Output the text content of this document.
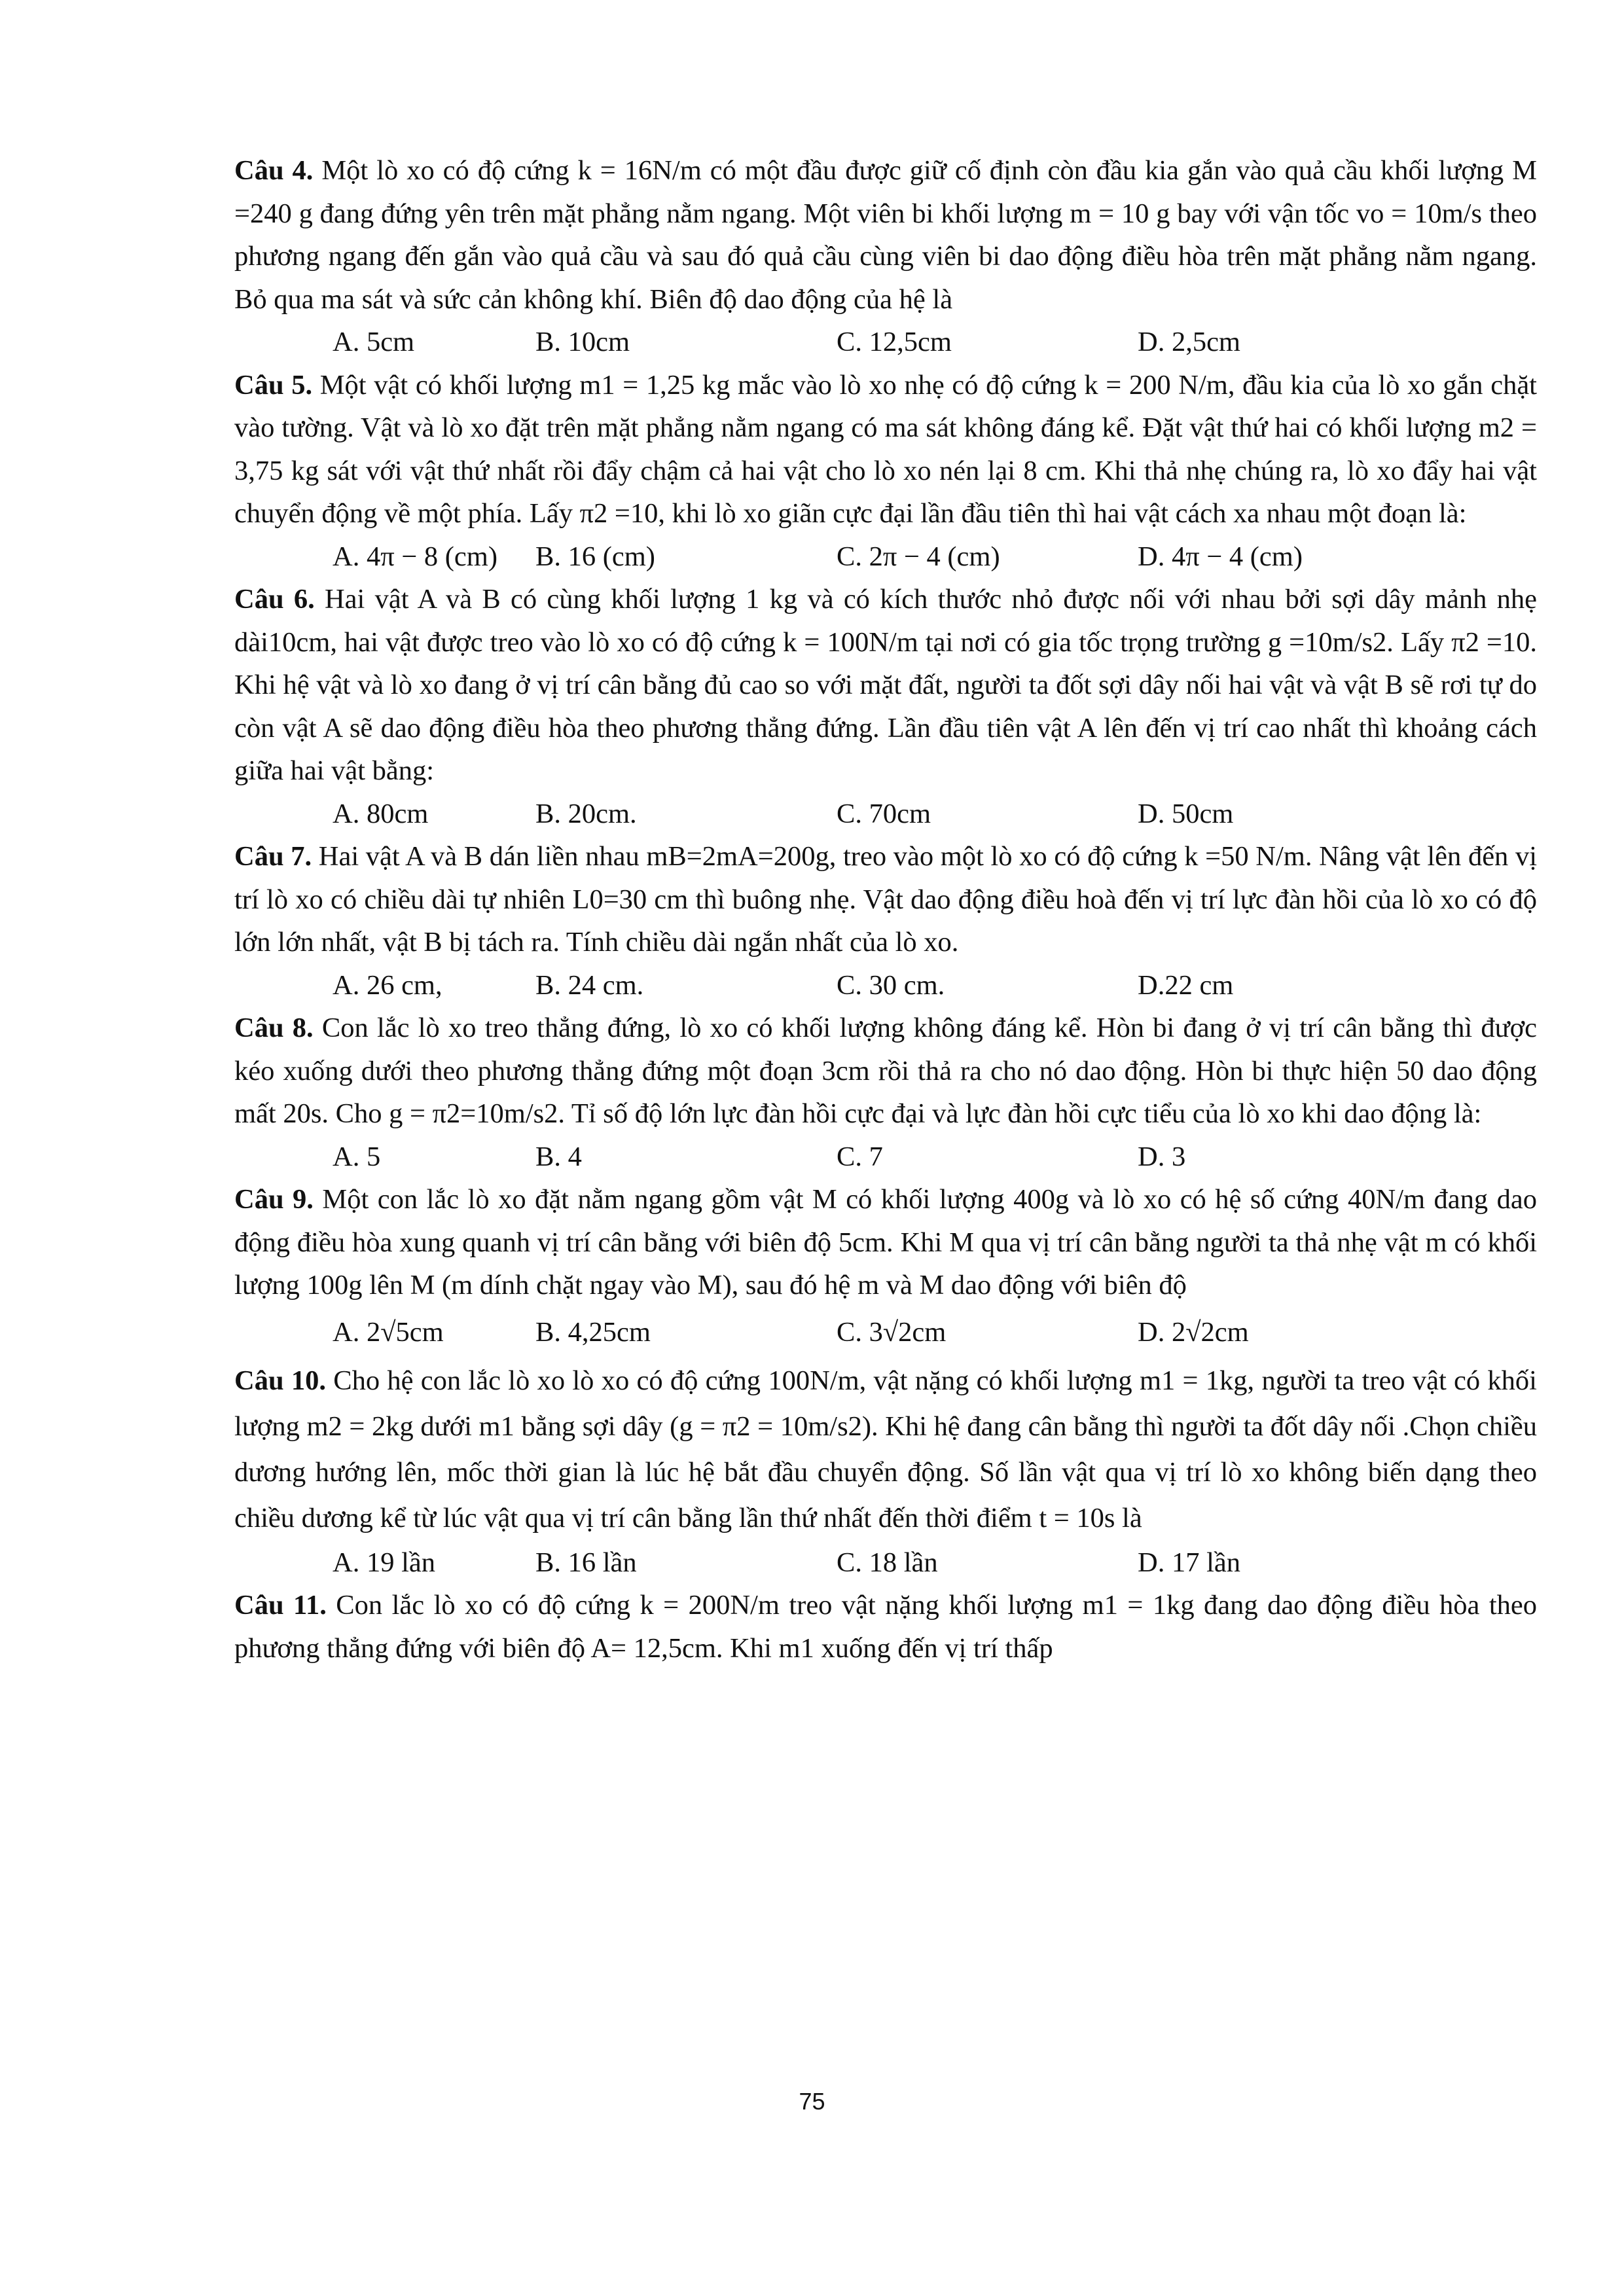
Câu 4. Một lò xo có độ cứng k = 16N/m có một đầu được giữ cố định còn đầu kia gắn vào quả cầu khối lượng M =240 g đang đứng yên trên mặt phẳng nằm ngang. Một viên bi khối lượng m = 10 g bay với vận tốc vo = 10m/s theo phương ngang đến gắn vào quả cầu và sau đó quả cầu cùng viên bi dao động điều hòa trên mặt phẳng nằm ngang. Bỏ qua ma sát và sức cản không khí. Biên độ dao động của hệ là

A. 5cm	B. 10cm	C. 12,5cm	D. 2,5cm

Câu 5. Một vật có khối lượng m1 = 1,25 kg mắc vào lò xo nhẹ có độ cứng k = 200 N/m, đầu kia của lò xo gắn chặt vào tường. Vật và lò xo đặt trên mặt phẳng nằm ngang có ma sát không đáng kể. Đặt vật thứ hai có khối lượng m2 = 3,75 kg sát với vật thứ nhất rồi đẩy chậm cả hai vật cho lò xo nén lại 8 cm. Khi thả nhẹ chúng ra, lò xo đẩy hai vật chuyển động về một phía. Lấy π2 =10, khi lò xo giãn cực đại lần đầu tiên thì hai vật cách xa nhau một đoạn là:

A. 4π − 8 (cm)	B. 16 (cm)	C. 2π − 4 (cm)	D. 4π − 4 (cm)

Câu 6. Hai vật A và B có cùng khối lượng 1 kg và có kích thước nhỏ được nối với nhau bởi sợi dây mảnh nhẹ dài10cm, hai vật được treo vào lò xo có độ cứng k = 100N/m tại nơi có gia tốc trọng trường g =10m/s2. Lấy π2 =10. Khi hệ vật và lò xo đang ở vị trí cân bằng đủ cao so với mặt đất, người ta đốt sợi dây nối hai vật và vật B sẽ rơi tự do còn vật A sẽ dao động điều hòa theo phương thẳng đứng. Lần đầu tiên vật A lên đến vị trí cao nhất thì khoảng cách giữa hai vật bằng:

A. 80cm	B. 20cm.	C. 70cm	D. 50cm

Câu 7. Hai vật A và B dán liền nhau mB=2mA=200g, treo vào một lò xo có độ cứng k =50 N/m. Nâng vật lên đến vị trí lò xo có chiều dài tự nhiên L0=30 cm thì buông nhẹ. Vật dao động điều hoà đến vị trí lực đàn hồi của lò xo có độ lớn lớn nhất, vật B bị tách ra. Tính chiều dài ngắn nhất của lò xo.

A. 26 cm,	B. 24 cm.	C. 30 cm.	D.22 cm

Câu 8. Con lắc lò xo treo thẳng đứng, lò xo có khối lượng không đáng kể. Hòn bi đang ở vị trí cân bằng thì được kéo xuống dưới theo phương thẳng đứng một đoạn 3cm rồi thả ra cho nó dao động. Hòn bi thực hiện 50 dao động mất 20s. Cho g = π2=10m/s2. Tỉ số độ lớn lực đàn hồi cực đại và lực đàn hồi cực tiểu của lò xo khi dao động là:

A. 5	B. 4	C. 7	D. 3

Câu 9. Một con lắc lò xo đặt nằm ngang gồm vật M có khối lượng 400g và lò xo có hệ số cứng 40N/m đang dao động điều hòa xung quanh vị trí cân bằng với biên độ 5cm. Khi M qua vị trí cân bằng người ta thả nhẹ vật m có khối lượng 100g lên M (m dính chặt ngay vào M), sau đó hệ m và M dao động với biên độ

A. 2√5cm	B. 4,25cm	C. 3√2cm	D. 2√2cm

Câu 10. Cho hệ con lắc lò xo lò xo có độ cứng 100N/m, vật nặng có khối lượng m1 = 1kg, người ta treo vật có khối lượng m2 = 2kg dưới m1 bằng sợi dây (g = π2 = 10m/s2). Khi hệ đang cân bằng thì người ta đốt dây nối .Chọn chiều dương hướng lên, mốc thời gian là lúc hệ bắt đầu chuyển động. Số lần vật qua vị trí lò xo không biến dạng theo chiều dương kể từ lúc vật qua vị trí cân bằng lần thứ nhất đến thời điểm t = 10s là

A. 19 lần	B. 16 lần	C. 18 lần	D. 17 lần

Câu 11. Con lắc lò xo có độ cứng k = 200N/m treo vật nặng khối lượng m1 = 1kg đang dao động điều hòa theo phương thẳng đứng với biên độ A= 12,5cm. Khi m1 xuống đến vị trí thấp

75
